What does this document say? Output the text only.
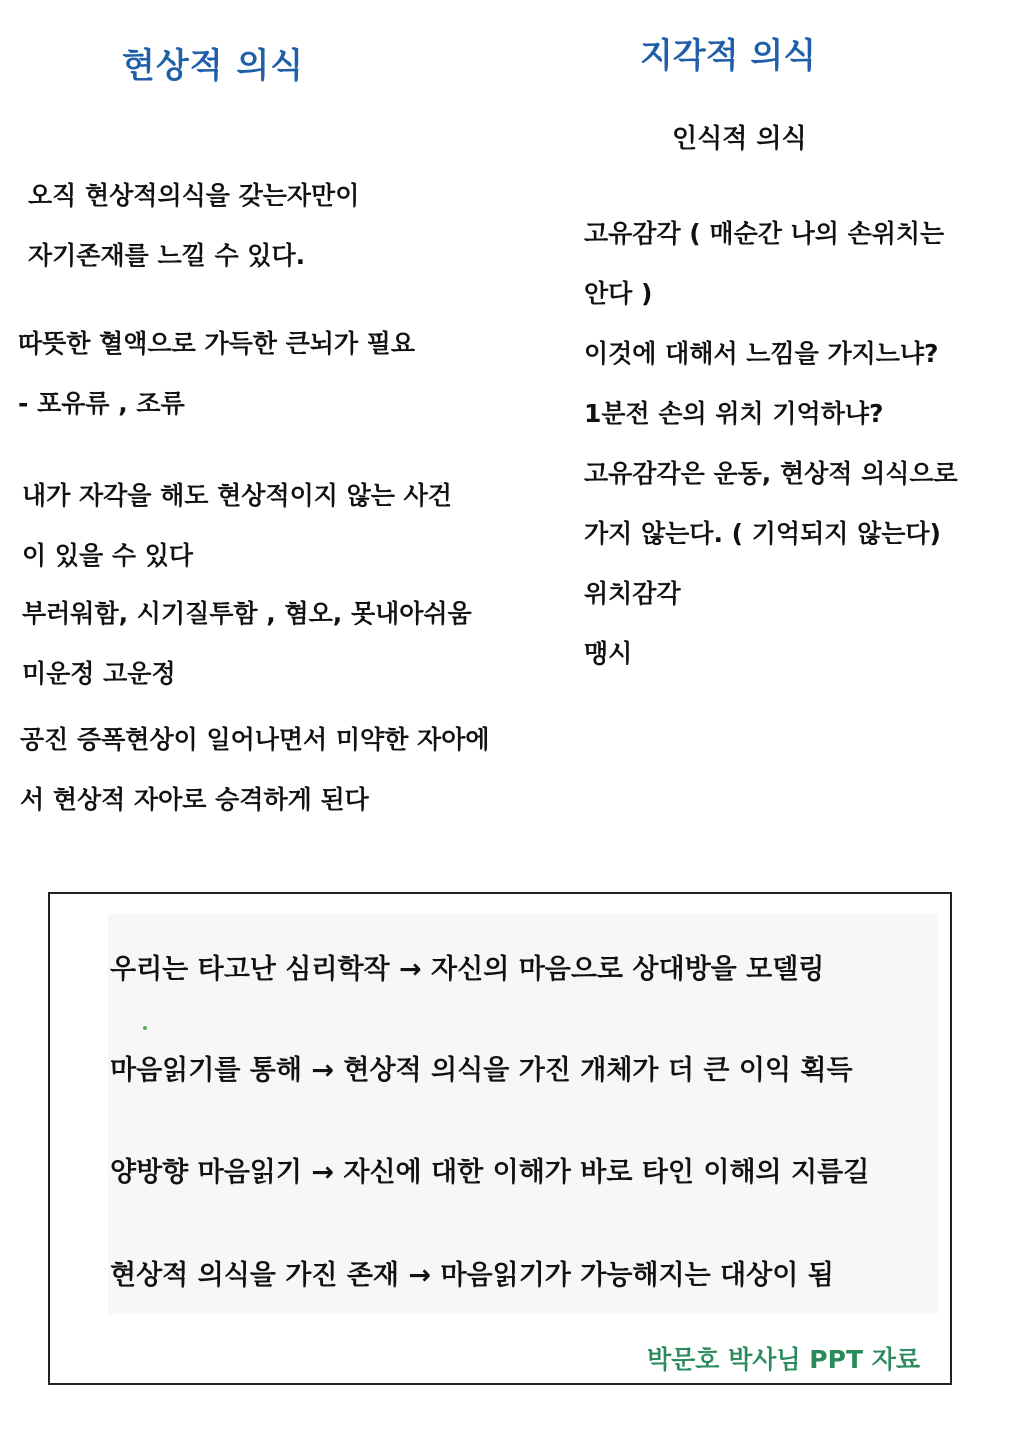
현상적 의식	지각적 의식
인식적 의식
오직 현상적의식을 갖는자만이
자기존재를 느낄 수 있다.
따뜻한 혈액으로 가득한 큰뇌가 필요
- 포유류 , 조류
내가 자각을 해도 현상적이지 않는 사건
이 있을 수 있다
부러워함, 시기질투함 , 혐오, 못내아쉬움
미운정 고운정
공진 증폭현상이 일어나면서 미약한 자아에
서 현상적 자아로 승격하게 된다
고유감각 ( 매순간 나의 손위치는
안다 )
이것에 대해서 느낌을 가지느냐?
1분전 손의 위치 기억하냐?
고유감각은 운동, 현상적 의식으로
가지 않는다. ( 기억되지 않는다)
위치감각
맹시
우리는 타고난 심리학작 → 자신의 마음으로 상대방을 모델링
마음읽기를 통해 → 현상적 의식을 가진 개체가 더 큰 이익 획득
양방향 마음읽기 → 자신에 대한 이해가 바로 타인 이해의 지름길
현상적 의식을 가진 존재 → 마음읽기가 가능해지는 대상이 됨
박문호 박사님 PPT 자료
